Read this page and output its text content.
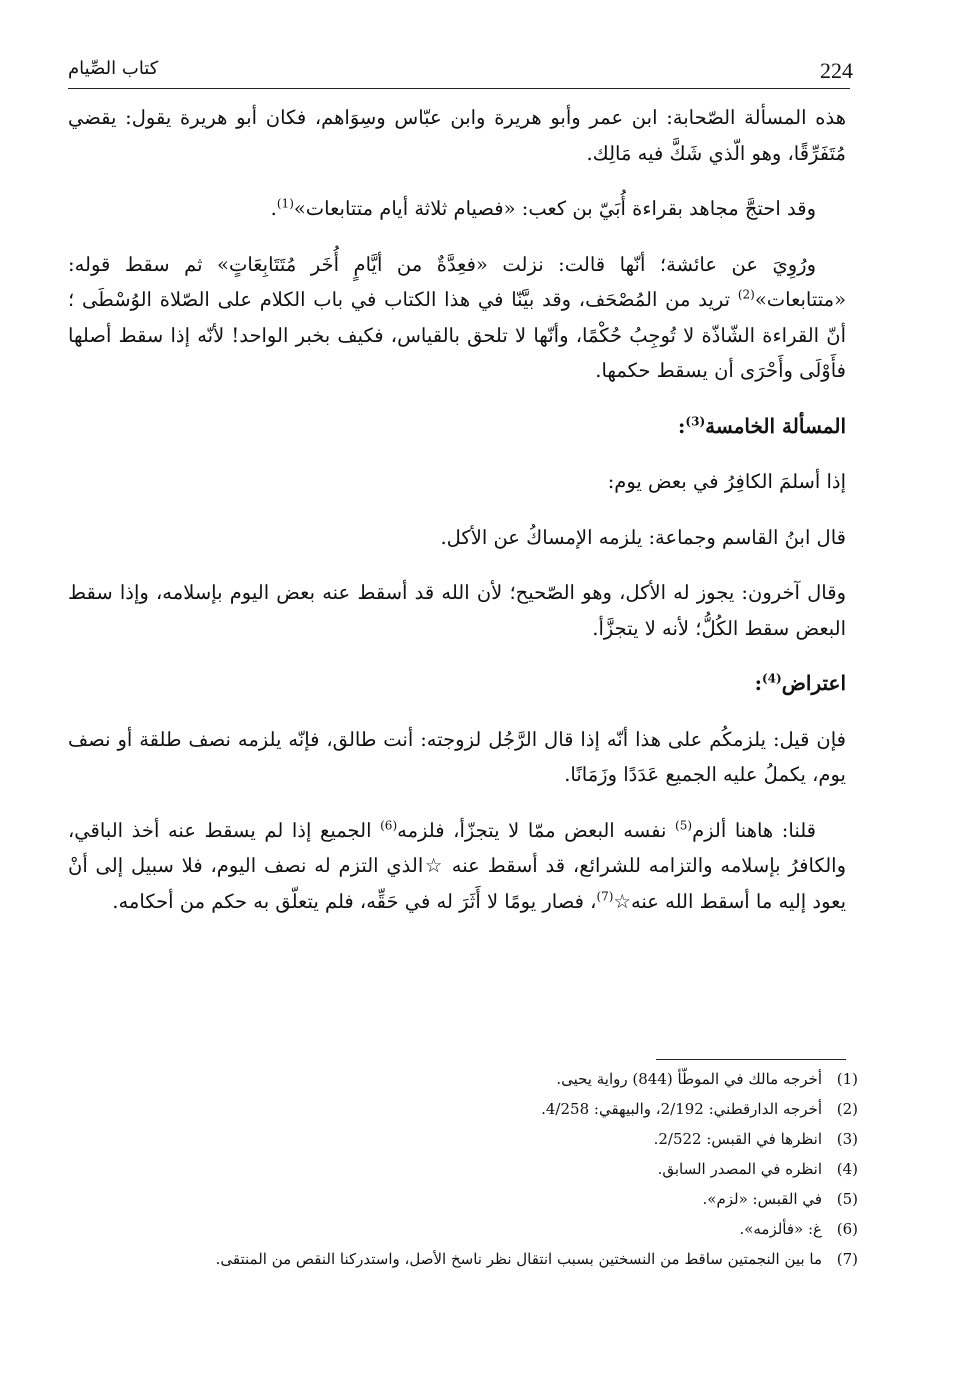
224
كتاب الصِّيام

هذه المسألة الصّحابة: ابن عمر وأبو هريرة وابن عبّاس وسِوَاهم، فكان أبو هريرة يقول: يقضي مُتَفَرِّقًا، وهو الّذي شَكَّ فيه مَالِك.

وقد احتجَّ مجاهد بقراءة أُبَيّ بن كعب: «فصيام ثلاثة أيام متتابعات»$^{(1)}$.

ورُوِيَ عن عائشة؛ أنّها قالت: نزلت «فعِدَّةٌ من أيَّامٍ أُخَر مُتَتَابِعَاتٍ» ثم سقط قوله: «متتابعات»$^{(2)}$ تريد من المُصْحَف، وقد بيَّنّا في هذا الكتاب في باب الكلام على الصّلاة الوُسْطَى ؛ أنّ القراءة الشّاذّة لا تُوجِبُ حُكْمًا، وأنّها لا تلحق بالقياس، فكيف بخبر الواحد! لأنّه إذا سقط أصلها فأَوْلَى وأَحْرَى أن يسقط حكمها.

المسألة الخامسة$^{(3)}$:

إذا أسلمَ الكافِرُ في بعض يوم:

قال ابنُ القاسم وجماعة: يلزمه الإمساكُ عن الأكل.

وقال آخرون: يجوز له الأكل، وهو الصّحيح؛ لأن الله قد أسقط عنه بعض اليوم بإسلامه، وإذا سقط البعض سقط الكُلُّ؛ لأنه لا يتجزَّأ.

اعتراض$^{(4)}$:

فإن قيل: يلزمكُم على هذا أنّه إذا قال الرَّجُل لزوجته: أنت طالق، فإنّه يلزمه نصف طلقة أو نصف يوم، يكملُ عليه الجميع عَدَدًا وزَمَانًا.

قلنا: هاهنا ألزم$^{(5)}$ نفسه البعض ممّا لا يتجزّأ، فلزمه$^{(6)}$ الجميع إذا لم يسقط عنه أخذ الباقي، والكافرُ بإسلامه والتزامه للشرائع، قد أسقط عنه ☆الذي التزم له نصف اليوم، فلا سبيل إلى أنْ يعود إليه ما أسقط الله عنه☆$^{(7)}$، فصار يومًا لا أَثَرَ له في حَقِّه، فلم يتعلّق به حكم من أحكامه.

(1)
أخرجه مالك في الموطّأ (844) رواية يحيى.
(2)
أخرجه الدارقطني: 2/192، والبيهقي: 4/258.
(3)
انظرها في القبس: 2/522.
(4)
انظره في المصدر السابق.
(5)
في القبس: «لزم».
(6)
غ: «فألزمه».
(7)
ما بين النجمتين ساقط من النسختين بسبب انتقال نظر ناسخ الأصل، واستدركنا النقص من المنتقى.
